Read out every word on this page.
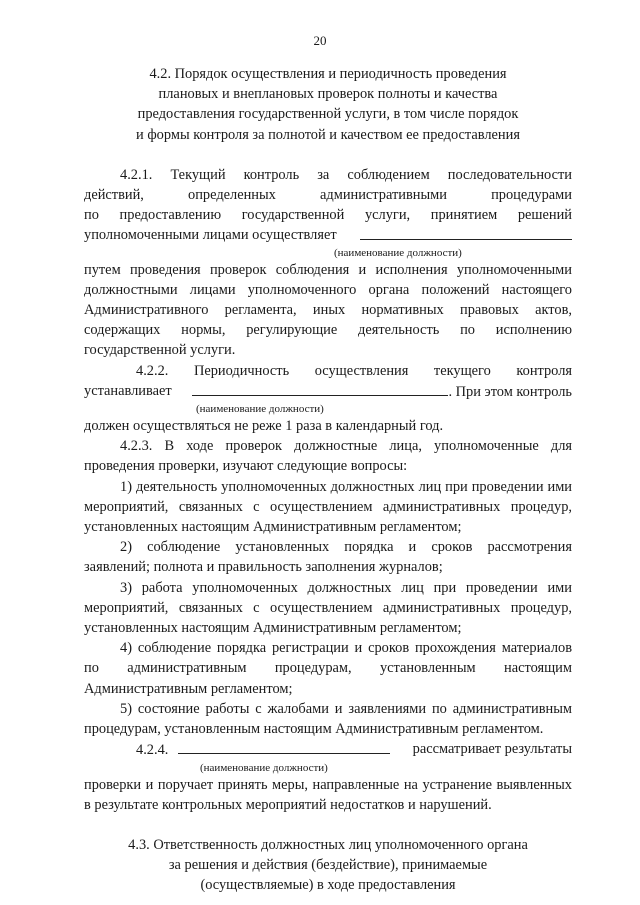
20
4.2. Порядок осуществления и периодичность проведения
плановых и внеплановых проверок полноты и качества
предоставления государственной услуги, в том числе порядок
и формы контроля за полнотой и качеством ее предоставления

4.2.1. Текущий контроль за соблюдением последовательности

действий, определенных административными процедурами

по предоставлению государственной услуги, принятием решений

уполномоченными лицами осуществляет
(наименование должности)

путем проведения проверок соблюдения и исполнения уполномоченными должностными лицами уполномоченного органа положений настоящего Административного регламента, иных нормативных правовых актов, содержащих нормы, регулирующие деятельность по исполнению государственной услуги.

4.2.2. Периодичность осуществления текущего контроля

устанавливает	. При этом контроль
(наименование должности)

должен осуществляться не реже 1 раза в календарный год.

4.2.3. В ходе проверок должностные лица, уполномоченные для проведения проверки, изучают следующие вопросы:

1) деятельность уполномоченных должностных лиц при проведении ими мероприятий, связанных с осуществлением административных процедур, установленных настоящим Административным регламентом;

2) соблюдение установленных порядка и сроков рассмотрения заявлений; полнота и правильность заполнения журналов;

3) работа уполномоченных должностных лиц при проведении ими мероприятий, связанных с осуществлением административных процедур, установленных настоящим Административным регламентом;

4) соблюдение порядка регистрации и сроков прохождения материалов по административным процедурам, установленным настоящим Административным регламентом;

5) состояние работы с жалобами и заявлениями по административным процедурам, установленным настоящим Административным регламентом.

4.2.4.	рассматривает результаты
(наименование должности)

проверки и поручает принять меры, направленные на устранение выявленных в результате контрольных мероприятий недостатков и нарушений.

4.3. Ответственность должностных лиц уполномоченного органа
за решения и действия (бездействие), принимаемые
(осуществляемые) в ходе предоставления
